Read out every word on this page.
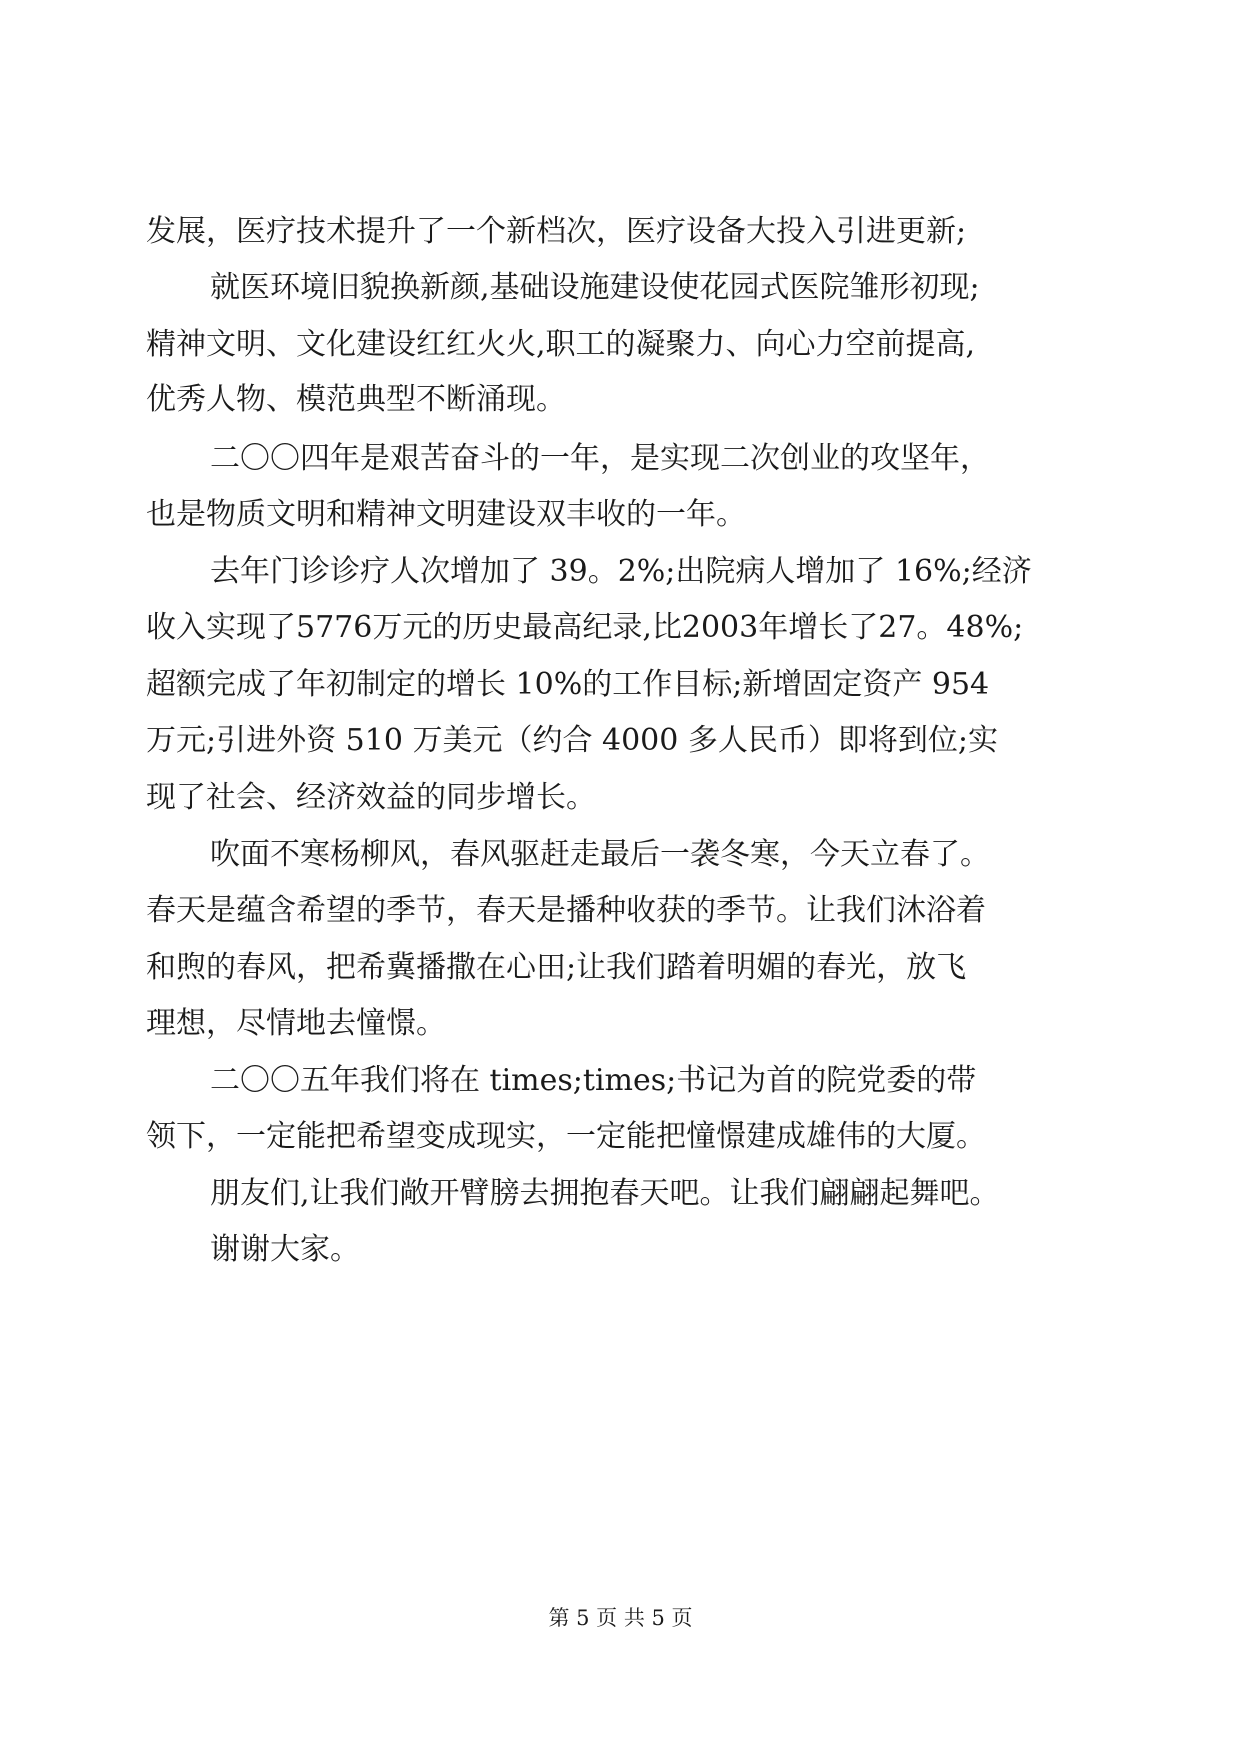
发展，医疗技术提升了一个新档次，医疗设备大投入引进更新;
就医环境旧貌换新颜,基础设施建设使花园式医院雏形初现;
精神文明、文化建设红红火火,职工的凝聚力、向心力空前提高,
优秀人物、模范典型不断涌现。
二〇〇四年是艰苦奋斗的一年，是实现二次创业的攻坚年，
也是物质文明和精神文明建设双丰收的一年。
去年门诊诊疗人次增加了 39。2%;出院病人增加了 16%;经济
收入实现了5776万元的历史最高纪录,比2003年增长了27。48%;
超额完成了年初制定的增长 10%的工作目标;新增固定资产 954
万元;引进外资 510 万美元（约合 4000 多人民币）即将到位;实
现了社会、经济效益的同步增长。
吹面不寒杨柳风，春风驱赶走最后一袭冬寒，今天立春了。
春天是蕴含希望的季节，春天是播种收获的季节。让我们沐浴着
和煦的春风，把希冀播撒在心田;让我们踏着明媚的春光，放飞
理想，尽情地去憧憬。
二〇〇五年我们将在 times;times;书记为首的院党委的带
领下，一定能把希望变成现实，一定能把憧憬建成雄伟的大厦。
朋友们,让我们敞开臂膀去拥抱春天吧。让我们翩翩起舞吧。
谢谢大家。
第 5 页 共 5 页
